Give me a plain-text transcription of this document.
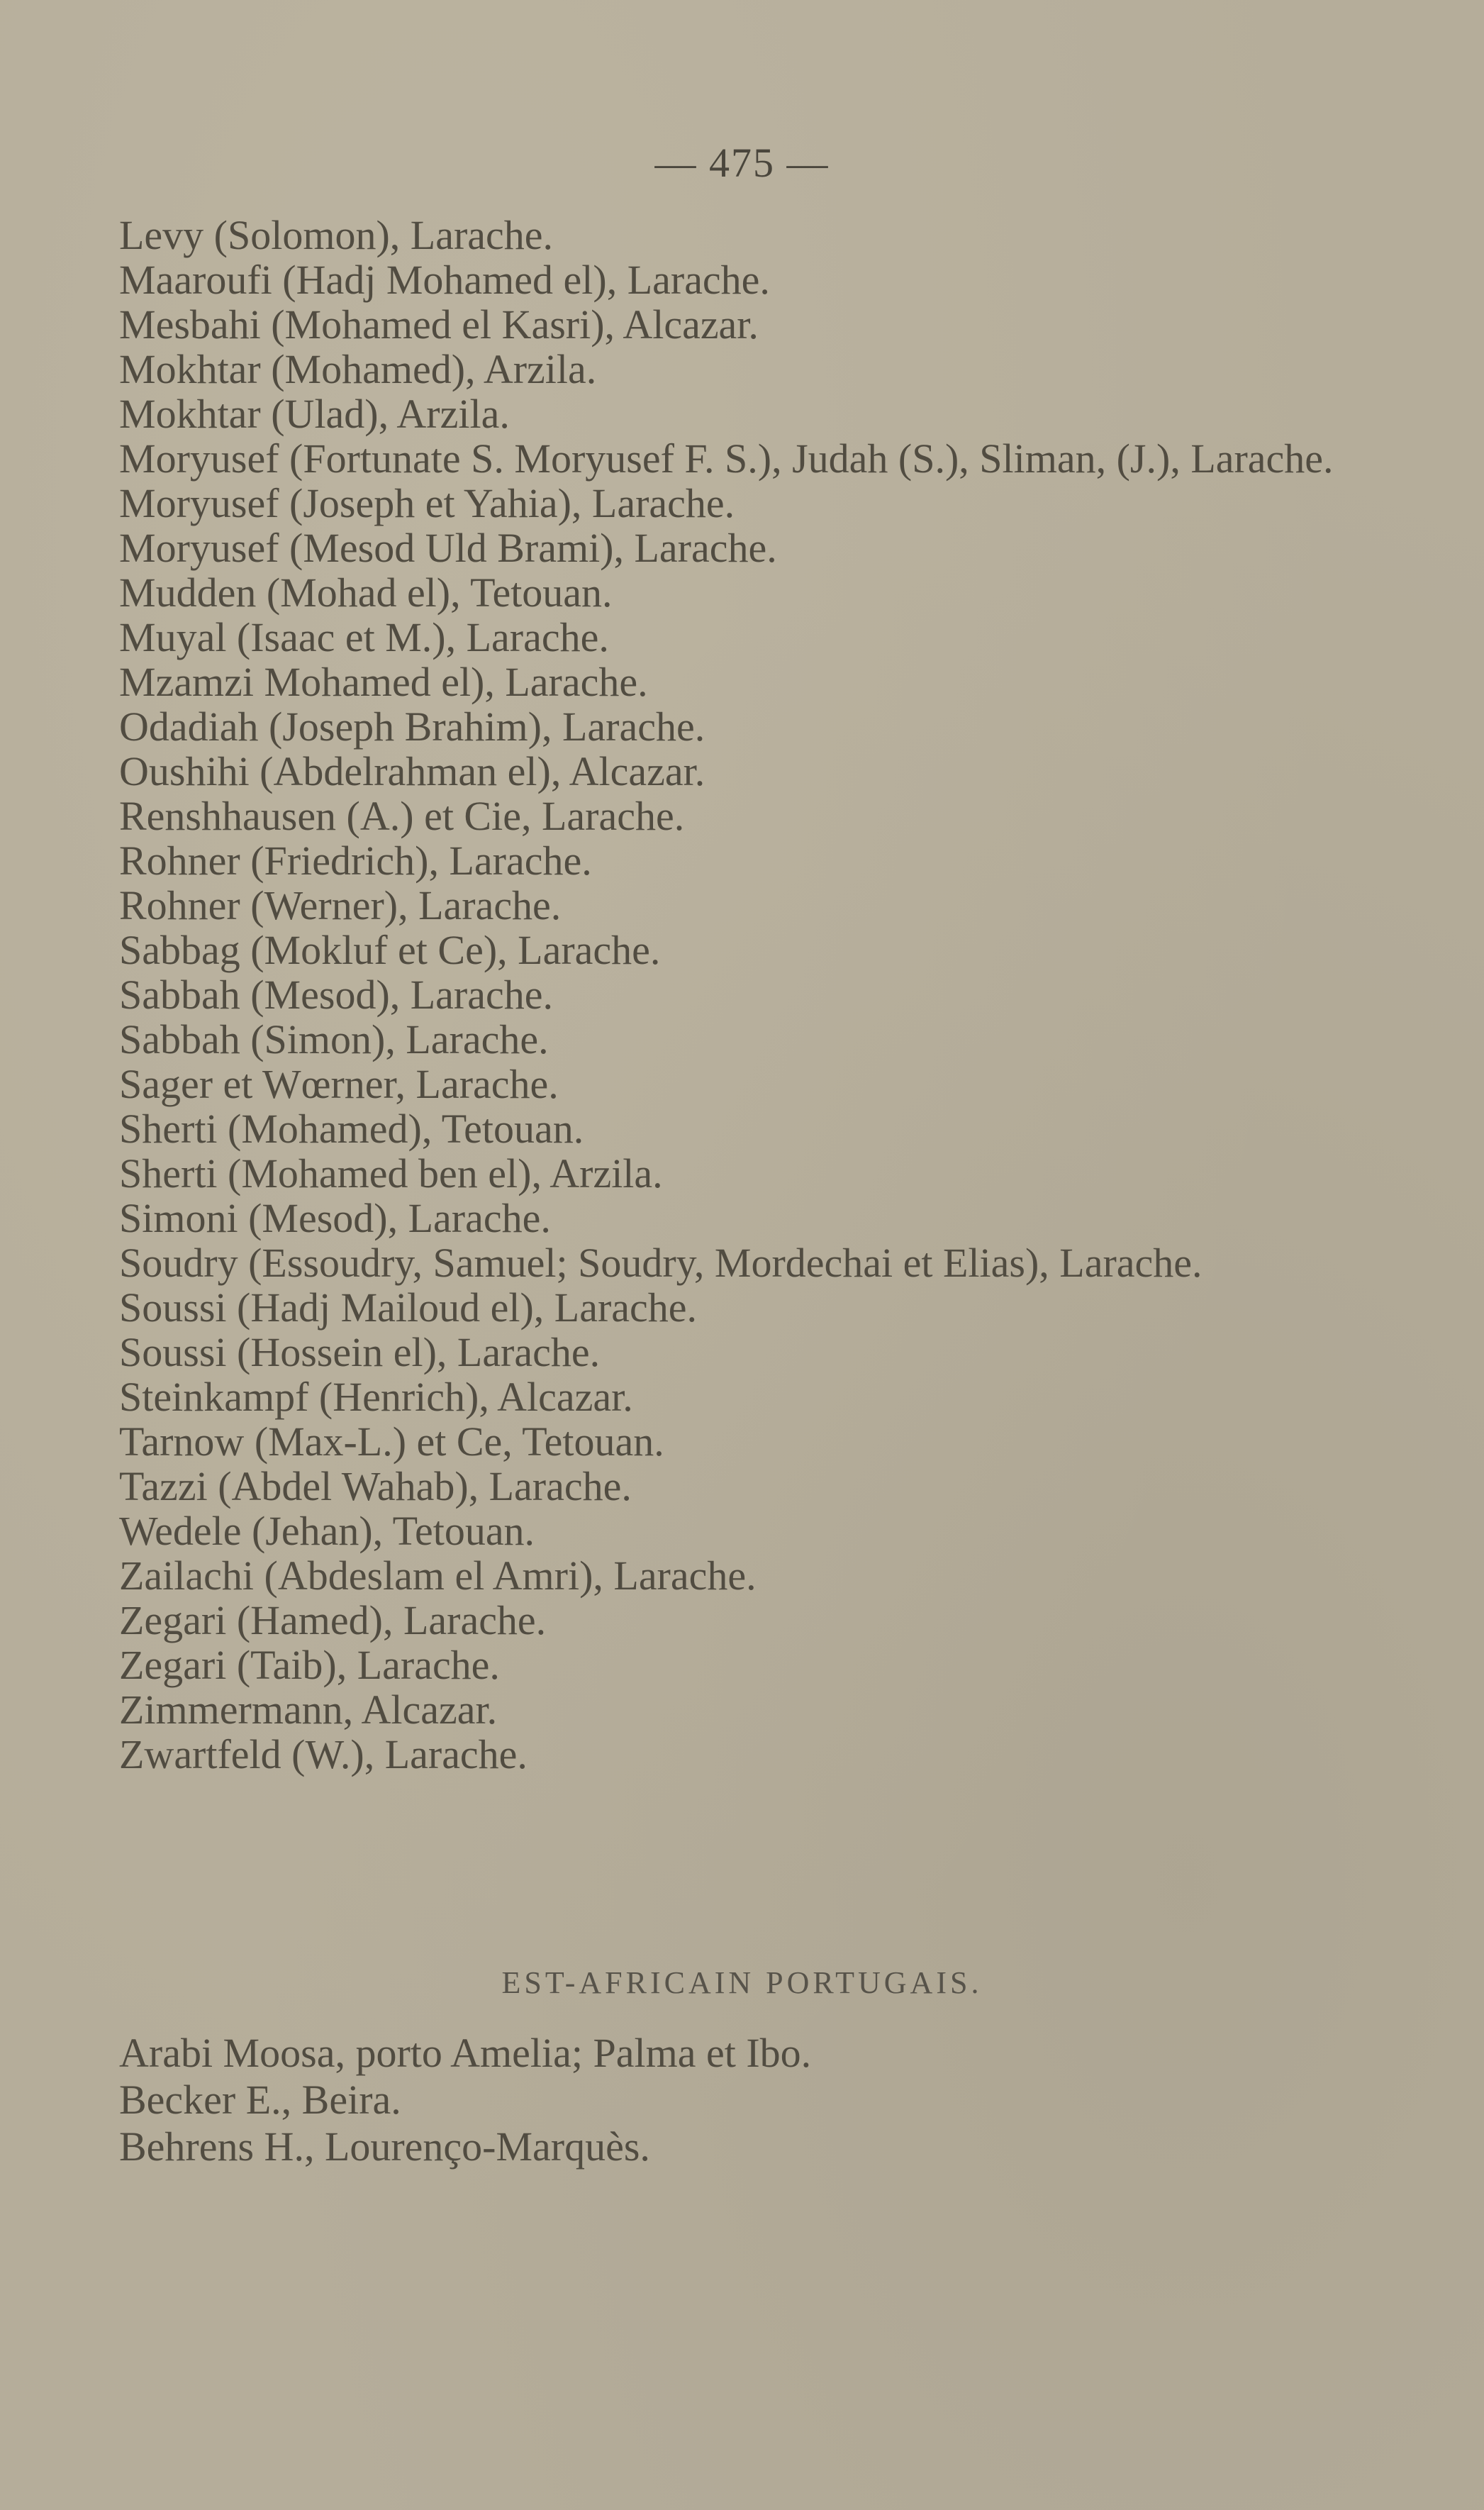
— 475 —
Levy (Solomon), Larache.
Maaroufi (Hadj Mohamed el), Larache.
Mesbahi (Mohamed el Kasri), Alcazar.
Mokhtar (Mohamed), Arzila.
Mokhtar (Ulad), Arzila.
Moryusef (Fortunate S. Moryusef F. S.), Judah (S.), Sliman, (J.), Larache.
Moryusef (Joseph et Yahia), Larache.
Moryusef (Mesod Uld Brami), Larache.
Mudden (Mohad el), Tetouan.
Muyal (Isaac et M.), Larache.
Mzamzi Mohamed el), Larache.
Odadiah (Joseph Brahim), Larache.
Oushihi (Abdelrahman el), Alcazar.
Renshhausen (A.) et Cie, Larache.
Rohner (Friedrich), Larache.
Rohner (Werner), Larache.
Sabbag (Mokluf et Ce), Larache.
Sabbah (Mesod), Larache.
Sabbah (Simon), Larache.
Sager et Wœrner, Larache.
Sherti (Mohamed), Tetouan.
Sherti (Mohamed ben el), Arzila.
Simoni (Mesod), Larache.
Soudry (Essoudry, Samuel; Soudry, Mordechai et Elias), Larache.
Soussi (Hadj Mailoud el), Larache.
Soussi (Hossein el), Larache.
Steinkampf (Henrich), Alcazar.
Tarnow (Max-L.) et Ce, Tetouan.
Tazzi (Abdel Wahab), Larache.
Wedele (Jehan), Tetouan.
Zailachi (Abdeslam el Amri), Larache.
Zegari (Hamed), Larache.
Zegari (Taib), Larache.
Zimmermann, Alcazar.
Zwartfeld (W.), Larache.
EST-AFRICAIN PORTUGAIS.
Arabi Moosa, porto Amelia; Palma et Ibo.
Becker E., Beira.
Behrens H., Lourenço-Marquès.
